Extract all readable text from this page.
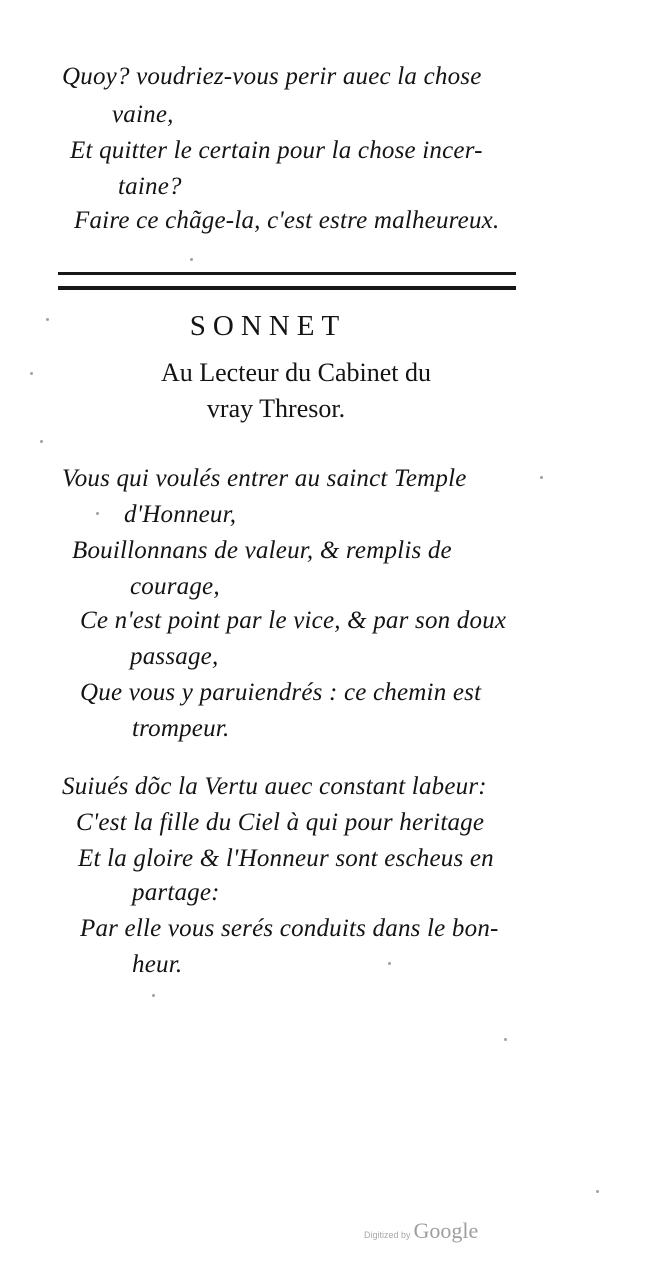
Quoy? voudriez-vous perir auec la chose

vaine,

Et quitter le certain pour la chose incer-

taine?

Faire ce chãge-la, c'est estre malheureux.

SONNET

Au Lecteur du Cabinet du

vray Thresor.

Vous qui voulés entrer au sainct Temple

d'Honneur,

Bouillonnans de valeur, & remplis de

courage,

Ce n'est point par le vice, & par son doux

passage,

Que vous y paruiendrés : ce chemin est

trompeur.

Suiués dõc la Vertu auec constant labeur:

C'est la fille du Ciel à qui pour heritage

Et la gloire & l'Honneur sont escheus en

partage:

Par elle vous serés conduits dans le bon-

heur.

Digitized by Google
